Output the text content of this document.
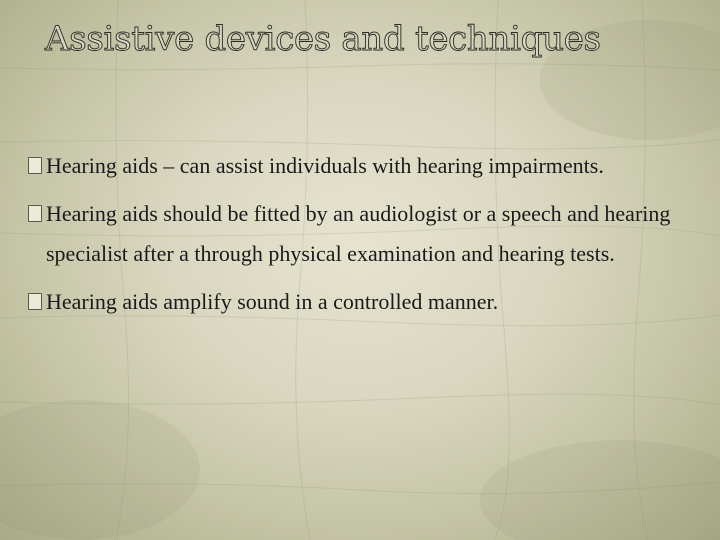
Assistive devices and techniques
Hearing aids – can assist individuals with hearing impairments.
Hearing aids should be fitted by an audiologist or a speech and hearing specialist after a through physical examination and hearing tests.
Hearing aids amplify sound in a controlled manner.
